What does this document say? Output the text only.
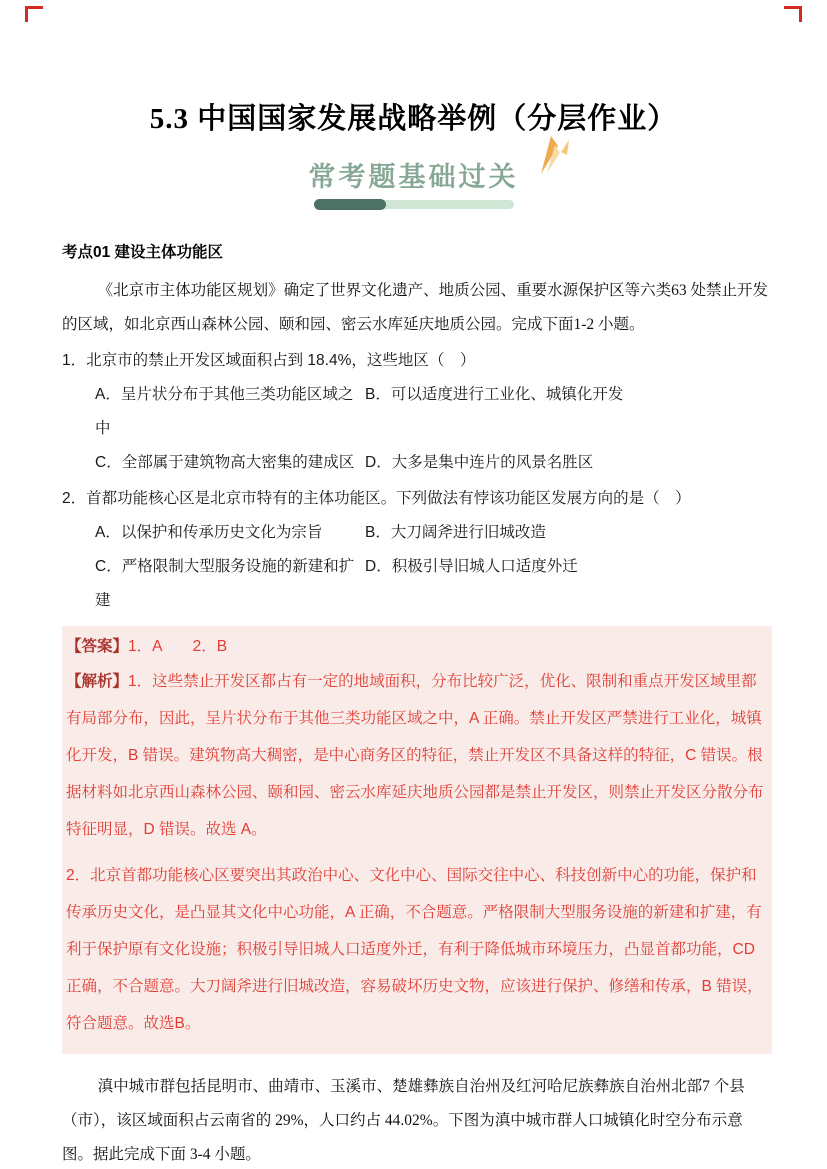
5.3 中国国家发展战略举例（分层作业）
常考题基础过关
考点01 建设主体功能区
《北京市主体功能区规划》确定了世界文化遗产、地质公园、重要水源保护区等六类63 处禁止开发的区域，如北京西山森林公园、颐和园、密云水库延庆地质公园。完成下面1-2 小题。
1．北京市的禁止开发区域面积占到 18.4%，这些地区（　）
A．呈片状分布于其他三类功能区域之中
B．可以适度进行工业化、城镇化开发
C．全部属于建筑物高大密集的建成区 D．大多是集中连片的风景名胜区
2．首都功能核心区是北京市特有的主体功能区。下列做法有悖该功能区发展方向的是（　）
A．以保护和传承历史文化为宗旨	B．大刀阔斧进行旧城改造
C．严格限制大型服务设施的新建和扩建
D．积极引导旧城人口适度外迁
【答案】1．A　　2．B
【解析】1．这些禁止开发区都占有一定的地域面积，分布比较广泛，优化、限制和重点开发区域里都有局部分布，因此，呈片状分布于其他三类功能区域之中，A 正确。禁止开发区严禁进行工业化，城镇化开发，B 错误。建筑物高大稠密，是中心商务区的特征，禁止开发区不具备这样的特征，C 错误。根据材料如北京西山森林公园、颐和园、密云水库延庆地质公园都是禁止开发区，则禁止开发区分散分布特征明显，D 错误。故选 A。
2．北京首都功能核心区要突出其政治中心、文化中心、国际交往中心、科技创新中心的功能，保护和传承历史文化，是凸显其文化中心功能，A 正确，不合题意。严格限制大型服务设施的新建和扩建，有利于保护原有文化设施；积极引导旧城人口适度外迁，有利于降低城市环境压力，凸显首都功能，CD 正确，不合题意。大刀阔斧进行旧城改造，容易破坏历史文物，应该进行保护、修缮和传承，B 错误，符合题意。故选B。
滇中城市群包括昆明市、曲靖市、玉溪市、楚雄彝族自治州及红河哈尼族彝族自治州北部7 个县（市），该区域面积占云南省的 29%，人口约占 44.02%。下图为滇中城市群人口城镇化时空分布示意图。据此完成下面 3-4 小题。
